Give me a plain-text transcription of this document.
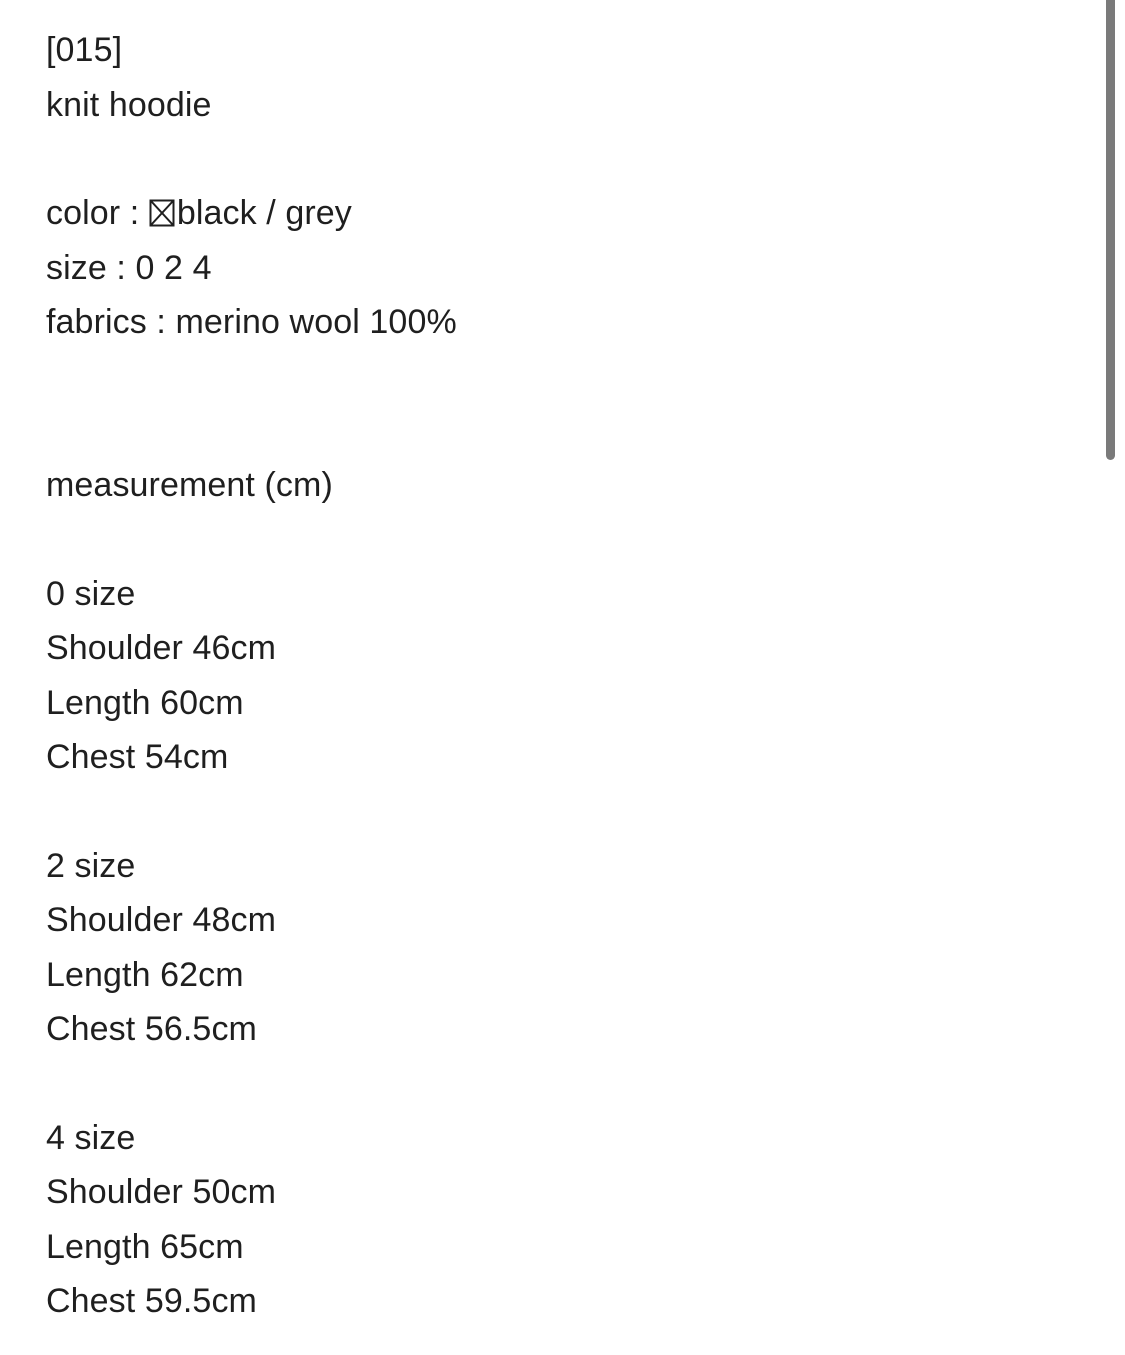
[015]
knit hoodie
color : black / grey
size : 0 2 4
fabrics : merino wool 100%
measurement (cm)
0 size
Shoulder 46cm
Length 60cm
Chest 54cm
2 size
Shoulder 48cm
Length 62cm
Chest 56.5cm
4 size
Shoulder 50cm
Length 65cm
Chest 59.5cm
